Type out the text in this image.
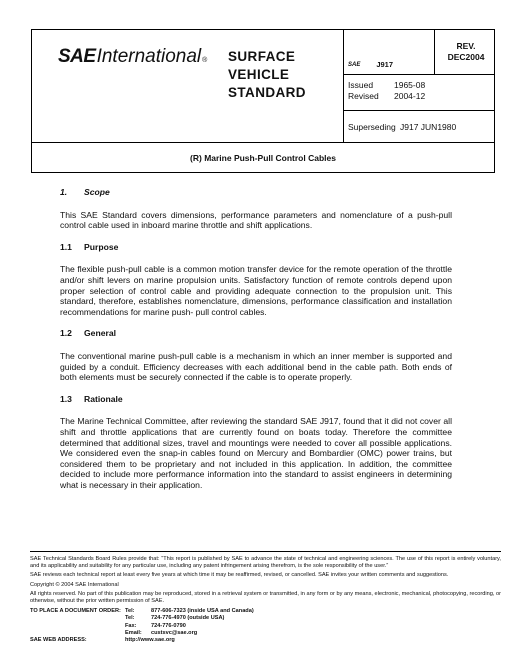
SAE International ® SURFACE
VEHICLE
STANDARD
SAE J917
REV.
DEC2004
Issued	1965-08
Revised	2004-12
Superseding J917 JUN1980
(R) Marine Push-Pull Control Cables
1.	Scope

This SAE Standard covers dimensions, performance parameters and nomenclature of a push-pull control cable used in inboard marine throttle and shift applications.

1.1	Purpose

The flexible push-pull cable is a common motion transfer device for the remote operation of the throttle and/or shift levers on marine propulsion units. Satisfactory function of remote controls depend upon proper selection of control cable and providing adequate connection to the propulsion unit. This standard, therefore, establishes nomenclature, dimensions, performance classification and installation recommendations for marine push- pull control cables.

1.2	General

The conventional marine push-pull cable is a mechanism in which an inner member is supported and guided by a conduit. Efficiency decreases with each additional bend in the cable path. Both ends of both elements must be securely connected if the cable is to operate properly.

1.3	Rationale

The Marine Technical Committee, after reviewing the standard SAE J917, found that it did not cover all shift and throttle applications that are currently found on boats today. Therefore the committee determined that additional sizes, travel and mountings were needed to cover all possible applications. We considered even the snap-in cables found on Mercury and Bombardier (OMC) power trains, but considered them to be proprietary and not included in this application. In addition, the committee decided to include more performance information into the standard to assist engineers in determining what is necessary in their application.

SAE Technical Standards Board Rules provide that: “This report is published by SAE to advance the state of technical and engineering sciences. The use of this report is entirely voluntary, and its applicability and suitability for any particular use, including any patent infringement arising therefrom, is the sole responsibility of the user.”

SAE reviews each technical report at least every five years at which time it may be reaffirmed, revised, or cancelled. SAE invites your written comments and suggestions.

Copyright © 2004 SAE International

All rights reserved. No part of this publication may be reproduced, stored in a retrieval system or transmitted, in any form or by any means, electronic, mechanical, photocopying, recording, or otherwise, without the prior written permission of SAE.

TO PLACE A DOCUMENT ORDER: Tel:	877-606-7323 (inside USA and Canada)
Tel:	724-776-4970 (outside USA)
Fax:	724-776-0790
Email:	custsvc@sae.org
SAE WEB ADDRESS:	http://www.sae.org
